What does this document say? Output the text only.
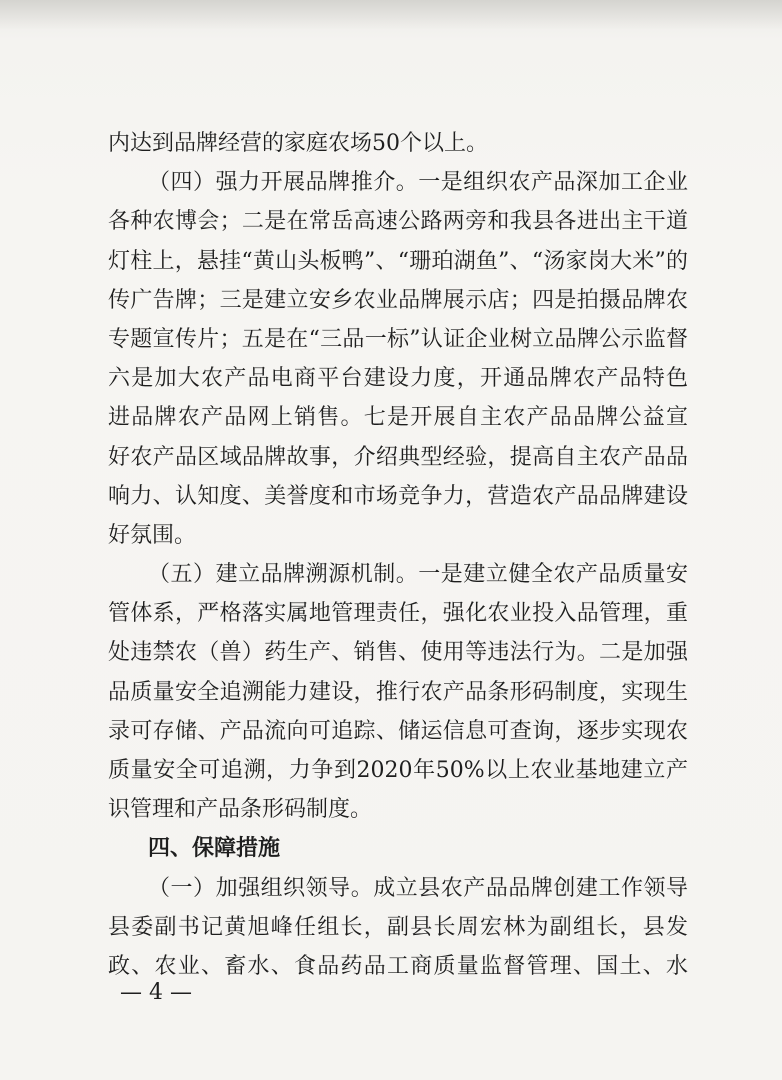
内达到品牌经营的家庭农场50个以上。
（四）强力开展品牌推介。一是组织农产品深加工企业
各种农博会；二是在常岳高速公路两旁和我县各进出主干道
灯柱上，悬挂“黄山头板鸭”、“珊珀湖鱼”、“汤家岗大米”的
传广告牌；三是建立安乡农业品牌展示店；四是拍摄品牌农
专题宣传片；五是在“三品一标”认证企业树立品牌公示监督
六是加大农产品电商平台建设力度，开通品牌农产品特色
进品牌农产品网上销售。七是开展自主农产品品牌公益宣
好农产品区域品牌故事，介绍典型经验，提高自主农产品品
响力、认知度、美誉度和市场竞争力，营造农产品品牌建设
好氛围。
（五）建立品牌溯源机制。一是建立健全农产品质量安
管体系，严格落实属地管理责任，强化农业投入品管理，重
处违禁农（兽）药生产、销售、使用等违法行为。二是加强
品质量安全追溯能力建设，推行农产品条形码制度，实现生
录可存储、产品流向可追踪、储运信息可查询，逐步实现农
质量安全可追溯，力争到2020年50%以上农业基地建立产
识管理和产品条形码制度。
四、保障措施
（一）加强组织领导。成立县农产品品牌创建工作领导
县委副书记黄旭峰任组长，副县长周宏林为副组长，县发
政、农业、畜水、食品药品工商质量监督管理、国土、水
— 4 —
